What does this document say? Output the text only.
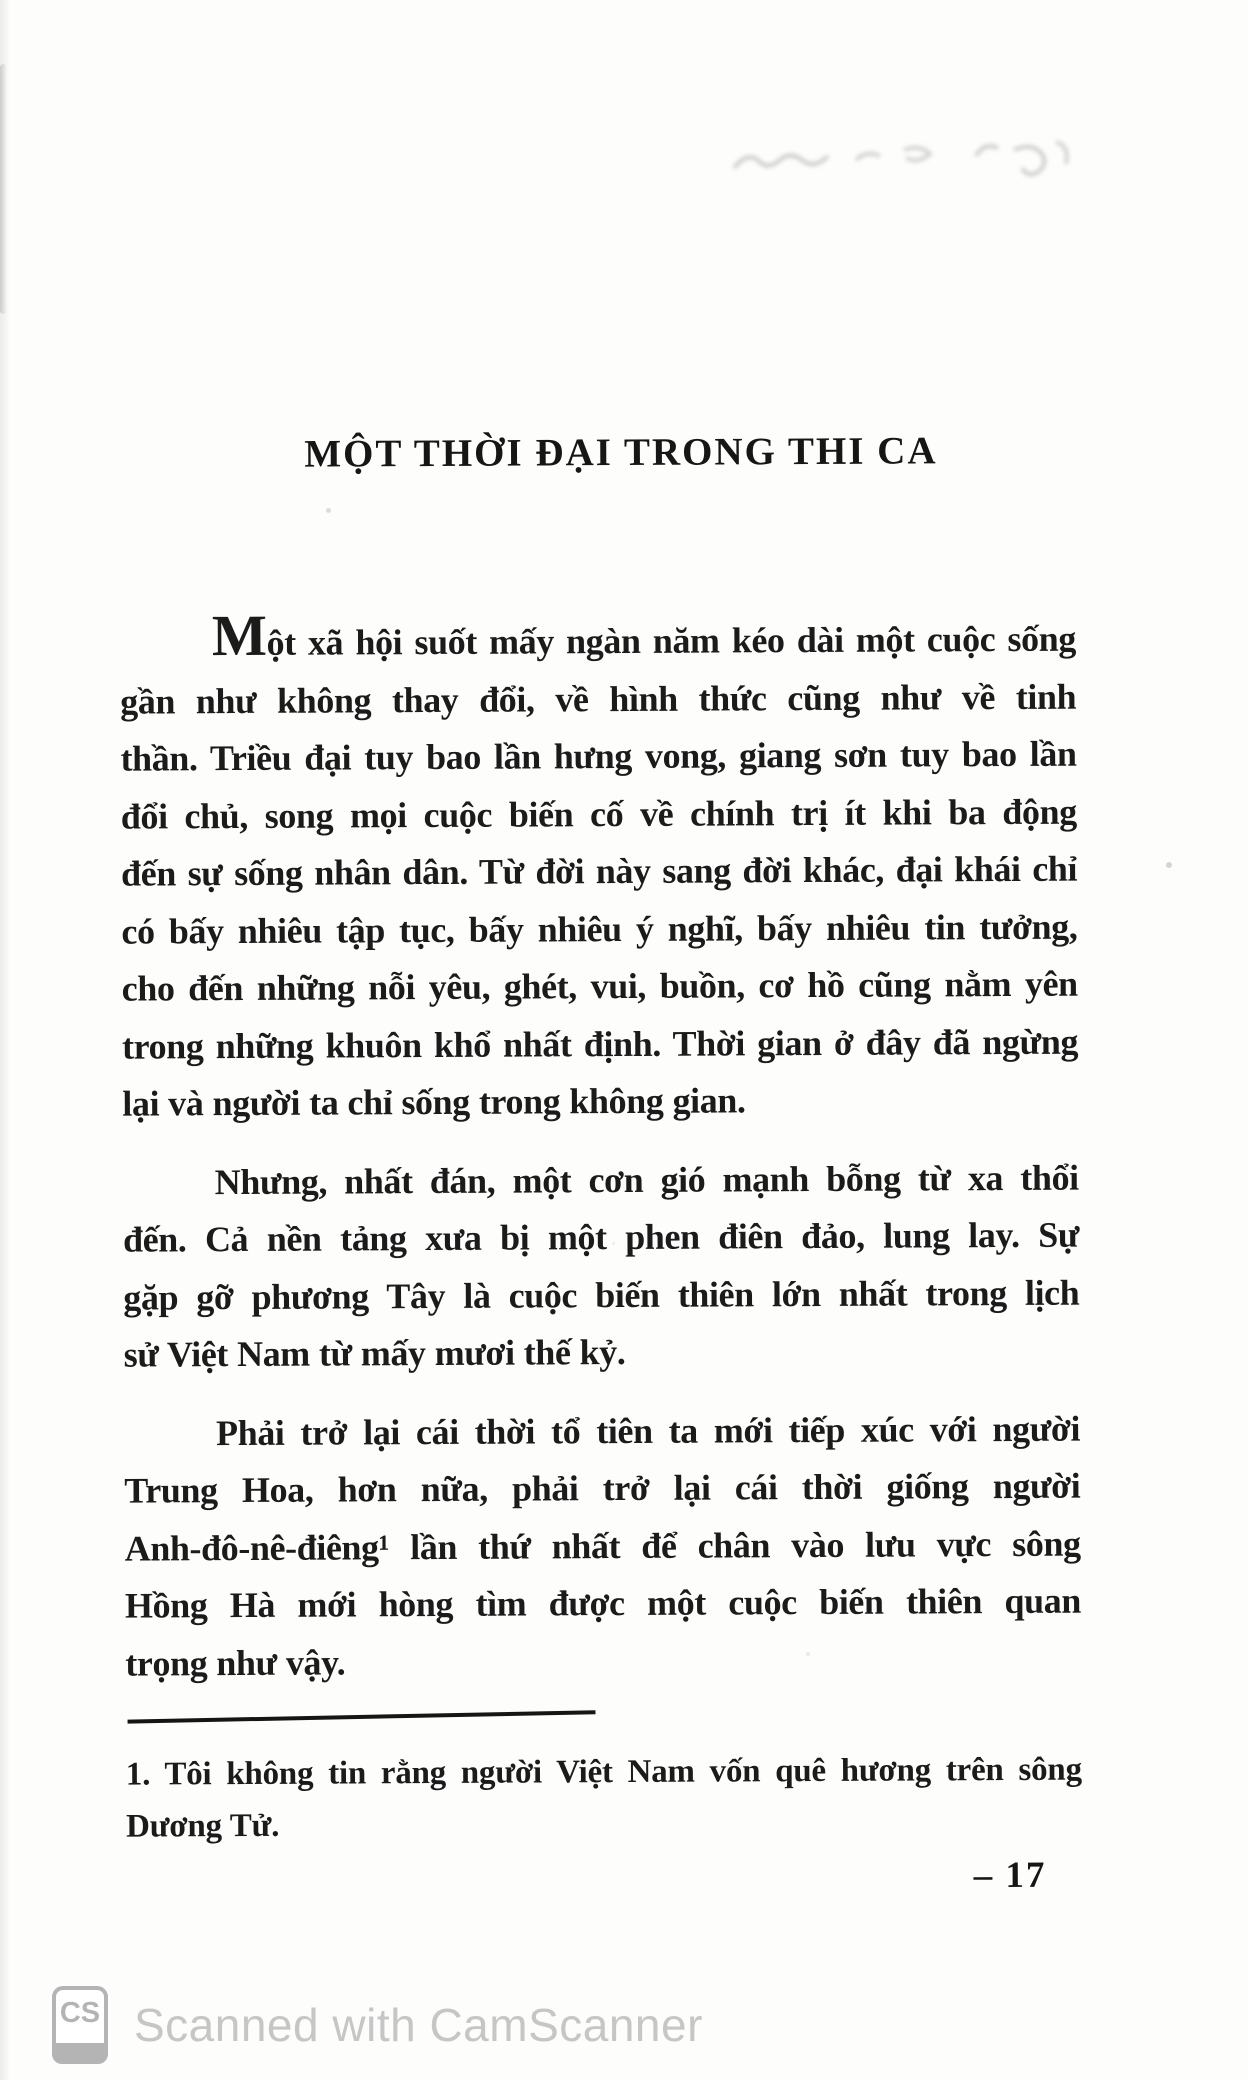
MỘT THỜI ĐẠI TRONG THI CA
Một xã hội suốt mấy ngàn năm kéo dài một cuộc sống
gần như không thay đổi, về hình thức cũng như về tinh
thần. Triều đại tuy bao lần hưng vong, giang sơn tuy bao lần
đổi chủ, song mọi cuộc biến cố về chính trị ít khi ba động
đến sự sống nhân dân. Từ đời này sang đời khác, đại khái chỉ
có bấy nhiêu tập tục, bấy nhiêu ý nghĩ, bấy nhiêu tin tưởng,
cho đến những nỗi yêu, ghét, vui, buồn, cơ hồ cũng nằm yên
trong những khuôn khổ nhất định. Thời gian ở đây đã ngừng
lại và người ta chỉ sống trong không gian.
Nhưng, nhất đán, một cơn gió mạnh bỗng từ xa thổi
đến. Cả nền tảng xưa bị một phen điên đảo, lung lay. Sự
gặp gỡ phương Tây là cuộc biến thiên lớn nhất trong lịch
sử Việt Nam từ mấy mươi thế kỷ.
Phải trở lại cái thời tổ tiên ta mới tiếp xúc với người
Trung Hoa, hơn nữa, phải trở lại cái thời giống người
Anh-đô-nê-điêng¹ lần thứ nhất để chân vào lưu vực sông
Hồng Hà mới hòng tìm được một cuộc biến thiên quan
trọng như vậy.
1. Tôi không tin rằng người Việt Nam vốn quê hương trên sông
Dương Tử.
– 17
CS Scanned with CamScanner
